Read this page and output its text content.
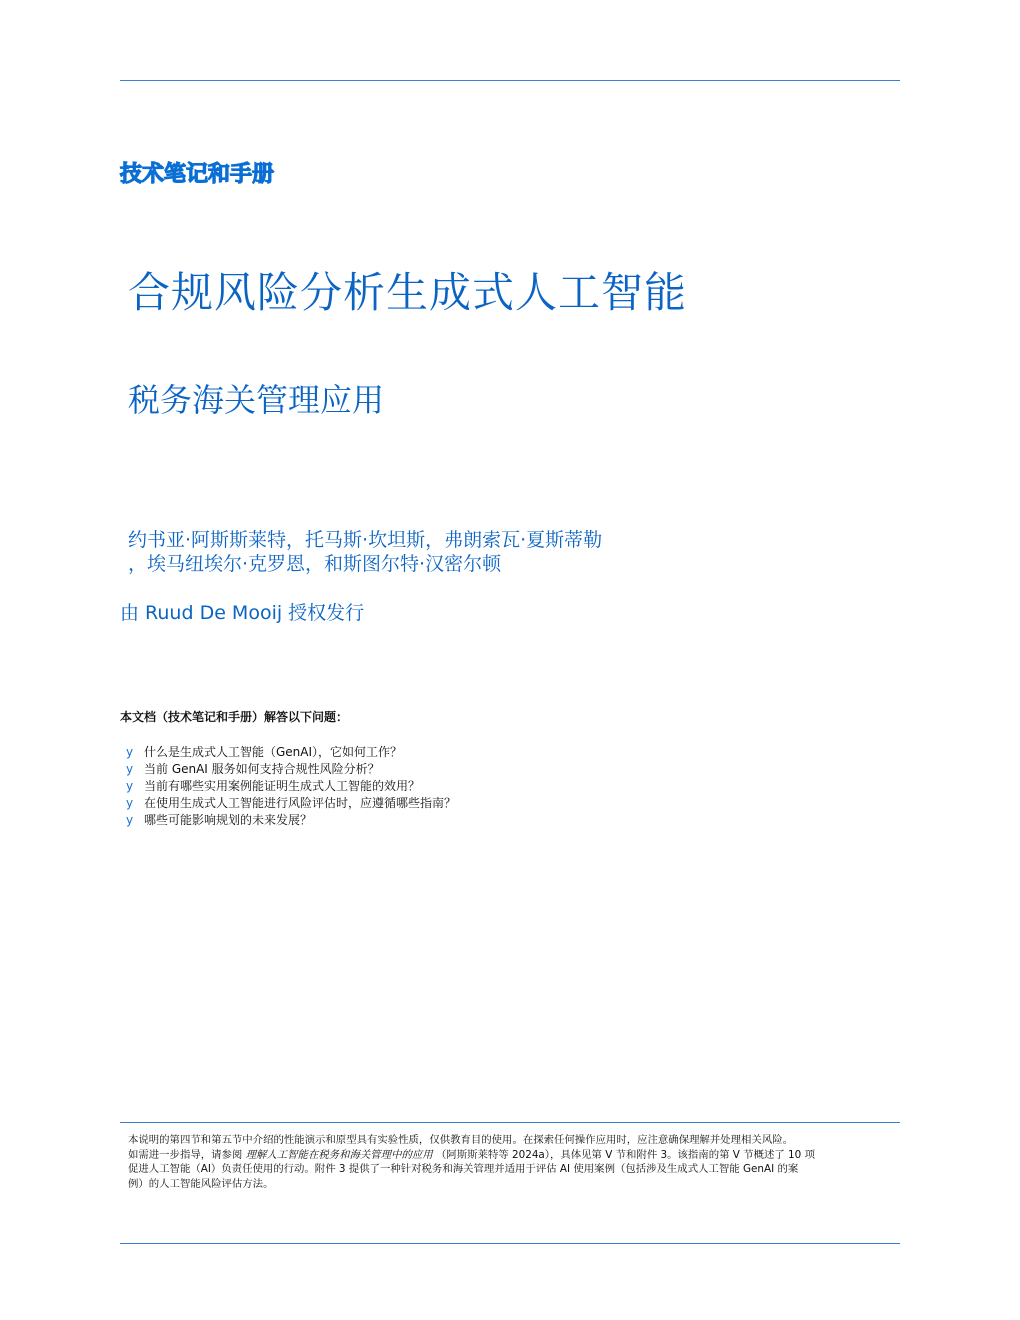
技术笔记和手册
合规风险分析生成式人工智能
税务海关管理应用
约书亚·阿斯斯莱特，托马斯·坎坦斯，弗朗索瓦·夏斯蒂勒
，埃马纽埃尔·克罗恩，和斯图尔特·汉密尔顿
由 Ruud De Mooij 授权发行
本文档（技术笔记和手册）解答以下问题：
y 什么是生成式人工智能（GenAI），它如何工作？
y 当前 GenAI 服务如何支持合规性风险分析？
y 当前有哪些实用案例能证明生成式人工智能的效用？
y 在使用生成式人工智能进行风险评估时，应遵循哪些指南？
y 哪些可能影响规划的未来发展？
本说明的第四节和第五节中介绍的性能演示和原型具有实验性质，仅供教育目的使用。在探索任何操作应用时，应注意确保理解并处理相关风险。
如需进一步指导，请参阅 理解人工智能在税务和海关管理中的应用 （阿斯斯莱特等 2024a），具体见第 V 节和附件 3。该指南的第 V 节概述了 10 项
促进人工智能（AI）负责任使用的行动。附件 3 提供了一种针对税务和海关管理并适用于评估 AI 使用案例（包括涉及生成式人工智能 GenAI 的案
例）的人工智能风险评估方法。
